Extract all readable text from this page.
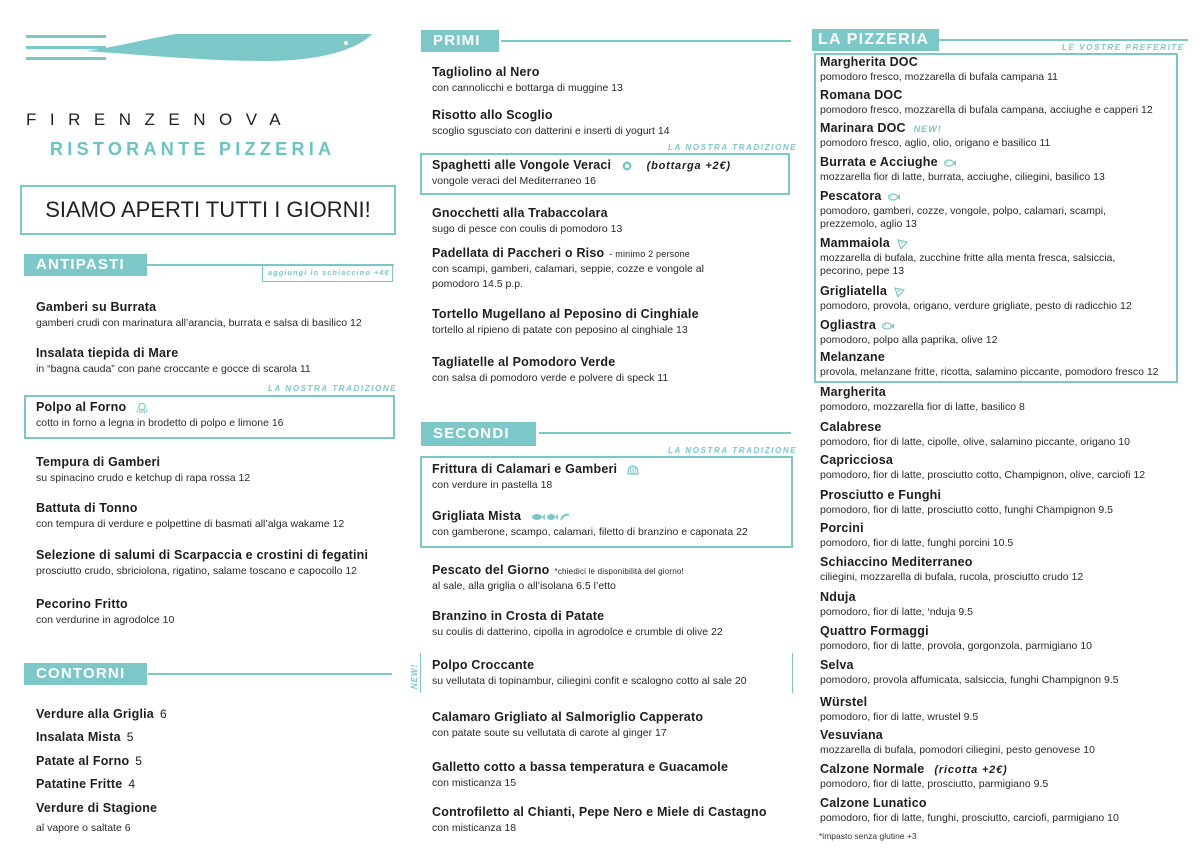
FIRENZENOVA
RISTORANTE PIZZERIA
SIAMO APERTI TUTTI I GIORNI!
ANTIPASTI	aggiungi lo schiaccino +4€
Gamberi su Burrata
gamberi crudi con marinatura all’arancia, burrata e salsa di basilico 12
Insalata tiepida di Mare
in “bagna cauda” con pane croccante e gocce di scarola 11
LA NOSTRA TRADIZIONE
Polpo al Forno
cotto in forno a legna in brodetto di polpo e limone 16
Tempura di Gamberi
su spinacino crudo e ketchup di rapa rossa 12
Battuta di Tonno
con tempura di verdure e polpettine di basmati all’alga wakame 12
Selezione di salumi di Scarpaccia e crostini di fegatini
prosciutto crudo, sbriciolona, rigatino, salame toscano e capocollo 12
Pecorino Fritto
con verdurine in agrodolce 10
CONTORNI
Verdure alla Griglia 6
Insalata Mista 5
Patate al Forno 5
Patatine Fritte 4
Verdure di Stagione
al vapore o saltate 6
PRIMI
Tagliolino al Nero
con cannolicchi e bottarga di muggine 13
Risotto allo Scoglio
scoglio sgusciato con datterini e inserti di yogurt 14
LA NOSTRA TRADIZIONE
Spaghetti alle Vongole Veraci	(bottarga +2€)
vongole veraci del Mediterraneo 16
Gnocchetti alla Trabaccolara
sugo di pesce con coulis di pomodoro 13
Padellata di Paccheri o Riso - minimo 2 persone
con scampi, gamberi, calamari, seppie, cozze e vongole al
pomodoro 14.5 p.p.
Tortello Mugellano al Peposino di Cinghiale
tortello al ripieno di patate con peposino al cinghiale 13
Tagliatelle al Pomodoro Verde
con salsa di pomodoro verde e polvere di speck 11
SECONDI
LA NOSTRA TRADIZIONE
Frittura di Calamari e Gamberi
con verdure in pastella 18
Grigliata Mista
con gamberone, scampo, calamari, filetto di branzino e caponata 22
Pescato del Giorno *chiedici le disponibilità del giorno!
al sale, alla griglia o all’isolana 6.5 l’etto
Branzino in Crosta di Patate
su coulis di datterino, cipolla in agrodolce e crumble di olive 22
NEW! Polpo Croccante
su vellutata di topinambur, ciliegini confit e scalogno cotto al sale 20
Calamaro Grigliato al Salmoriglio Capperato
con patate soute su vellutata di carote al ginger 17
Galletto cotto a bassa temperatura e Guacamole
con misticanza 15
Controfiletto al Chianti, Pepe Nero e Miele di Castagno
con misticanza 18
LA PIZZERIA	LE VOSTRE PREFERITE
Margherita DOC
pomodoro fresco, mozzarella di bufala campana 11
Romana DOC
pomodoro fresco, mozzarella di bufala campana, acciughe e capperi 12
Marinara DOC NEW!
pomodoro fresco, aglio, olio, origano e basilico 11
Burrata e Acciughe
mozzarella fior di latte, burrata, acciughe, ciliegini, basilico 13
Pescatora
pomodoro, gamberi, cozze, vongole, polpo, calamari, scampi,
prezzemolo, aglio 13
Mammaiola
mozzarella di bufala, zucchine fritte alla menta fresca, salsiccia,
pecorino, pepe 13
Grigliatella
pomodoro, provola, origano, verdure grigliate, pesto di radicchio 12
Ogliastra
pomodoro, polpo alla paprika, olive 12
Melanzane
provola, melanzane fritte, ricotta, salamino piccante, pomodoro fresco 12
Margherita
pomodoro, mozzarella fior di latte, basilico 8
Calabrese
pomodoro, fior di latte, cipolle, olive, salamino piccante, origano 10
Capricciosa
pomodoro, fior di latte, prosciutto cotto, Champignon, olive, carciofi 12
Prosciutto e Funghi
pomodoro, fior di latte, prosciutto cotto, funghi Champignon 9.5
Porcini
pomodoro, fior di latte, funghi porcini 10.5
Schiaccino Mediterraneo
ciliegini, mozzarella di bufala, rucola, prosciutto crudo 12
Nduja
pomodoro, fior di latte, ‘nduja 9.5
Quattro Formaggi
pomodoro, fior di latte, provola, gorgonzola, parmigiano 10
Selva
pomodoro, provola affumicata, salsiccia, funghi Champignon 9.5
Würstel
pomodoro, fior di latte, wrustel 9.5
Vesuviana
mozzarella di bufala, pomodori ciliegini, pesto genovese 10
Calzone Normale (ricotta +2€)
pomodoro, fior di latte, prosciutto, parmigiano 9.5
Calzone Lunatico
pomodoro, fior di latte, funghi, prosciutto, carciofi, parmigiano 10
*impasto senza glutine +3
